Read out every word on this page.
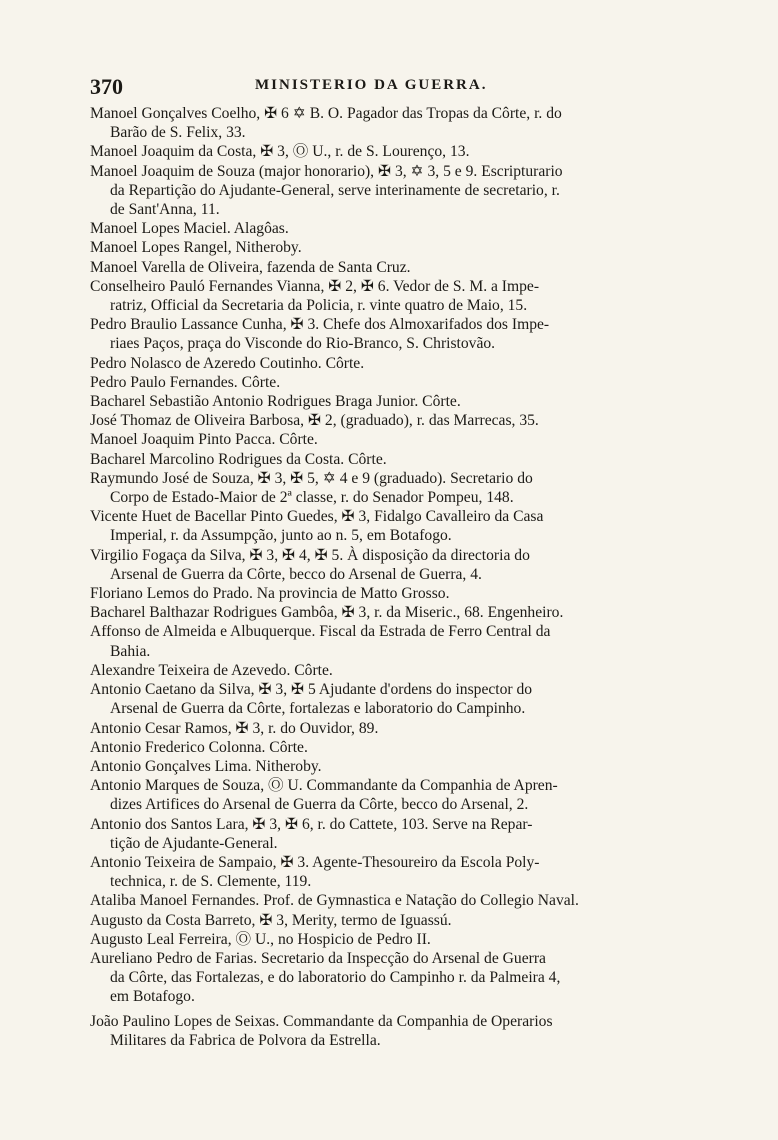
370	MINISTERIO DA GUERRA.
Manoel Gonçalves Coelho, ✠ 6 ✡ B. O. Pagador das Tropas da Côrte, r. do
Barão de S. Felix, 33.
Manoel Joaquim da Costa, ✠ 3, Ⓞ U., r. de S. Lourenço, 13.
Manoel Joaquim de Souza (major honorario), ✠ 3, ✡ 3, 5 e 9. Escripturario
da Repartição do Ajudante-General, serve interinamente de secretario, r.
de Sant'Anna, 11.
Manoel Lopes Maciel. Alagôas.
Manoel Lopes Rangel, Nitheroby.
Manoel Varella de Oliveira, fazenda de Santa Cruz.
Conselheiro Pauló Fernandes Vianna, ✠ 2, ✠ 6. Vedor de S. M. a Impe-
ratriz, Official da Secretaria da Policia, r. vinte quatro de Maio, 15.
Pedro Braulio Lassance Cunha, ✠ 3. Chefe dos Almoxarifados dos Impe-
riaes Paços, praça do Visconde do Rio-Branco, S. Christovão.
Pedro Nolasco de Azeredo Coutinho. Côrte.
Pedro Paulo Fernandes. Côrte.
Bacharel Sebastião Antonio Rodrigues Braga Junior. Côrte.
José Thomaz de Oliveira Barbosa, ✠ 2, (graduado), r. das Marrecas, 35.
Manoel Joaquim Pinto Pacca. Côrte.
Bacharel Marcolino Rodrigues da Costa. Côrte.
Raymundo José de Souza, ✠ 3, ✠ 5, ✡ 4 e 9 (graduado). Secretario do
Corpo de Estado-Maior de 2ª classe, r. do Senador Pompeu, 148.
Vicente Huet de Bacellar Pinto Guedes, ✠ 3, Fidalgo Cavalleiro da Casa
Imperial, r. da Assumpção, junto ao n. 5, em Botafogo.
Virgilio Fogaça da Silva, ✠ 3, ✠ 4, ✠ 5. À disposição da directoria do
Arsenal de Guerra da Côrte, becco do Arsenal de Guerra, 4.
Floriano Lemos do Prado. Na provincia de Matto Grosso.
Bacharel Balthazar Rodrigues Gambôa, ✠ 3, r. da Miseric., 68. Engenheiro.
Affonso de Almeida e Albuquerque. Fiscal da Estrada de Ferro Central da
Bahia.
Alexandre Teixeira de Azevedo. Côrte.
Antonio Caetano da Silva, ✠ 3, ✠ 5 Ajudante d'ordens do inspector do
Arsenal de Guerra da Côrte, fortalezas e laboratorio do Campinho.
Antonio Cesar Ramos, ✠ 3, r. do Ouvidor, 89.
Antonio Frederico Colonna. Côrte.
Antonio Gonçalves Lima. Nitheroby.
Antonio Marques de Souza, Ⓞ U. Commandante da Companhia de Apren-
dizes Artifices do Arsenal de Guerra da Côrte, becco do Arsenal, 2.
Antonio dos Santos Lara, ✠ 3, ✠ 6, r. do Cattete, 103. Serve na Repar-
tição de Ajudante-General.
Antonio Teixeira de Sampaio, ✠ 3. Agente-Thesoureiro da Escola Poly-
technica, r. de S. Clemente, 119.
Ataliba Manoel Fernandes. Prof. de Gymnastica e Natação do Collegio Naval.
Augusto da Costa Barreto, ✠ 3, Merity, termo de Iguassú.
Augusto Leal Ferreira, Ⓞ U., no Hospicio de Pedro II.
Aureliano Pedro de Farias. Secretario da Inspecção do Arsenal de Guerra
da Côrte, das Fortalezas, e do laboratorio do Campinho r. da Palmeira 4,
em Botafogo.
João Paulino Lopes de Seixas. Commandante da Companhia de Operarios
Militares da Fabrica de Polvora da Estrella.
